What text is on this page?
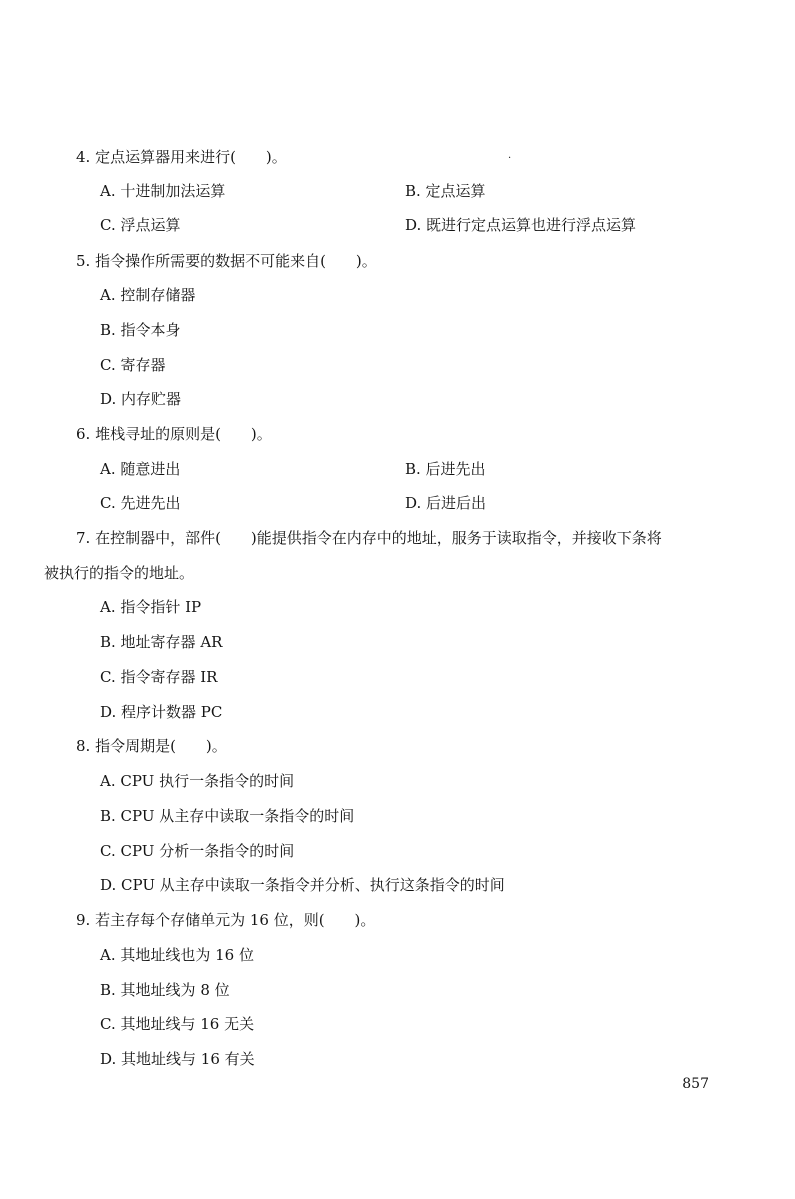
4. 定点运算器用来进行(　　)。	.
A. 十进制加法运算	B. 定点运算
C. 浮点运算	D. 既进行定点运算也进行浮点运算
5. 指令操作所需要的数据不可能来自(　　)。
A. 控制存储器
B. 指令本身
C. 寄存器
D. 内存贮器
6. 堆栈寻址的原则是(　　)。
A. 随意进出	B. 后进先出
C. 先进先出	D. 后进后出
7. 在控制器中，部件(　　)能提供指令在内存中的地址，服务于读取指令，并接收下条将
被执行的指令的地址。
A. 指令指针 IP
B. 地址寄存器 AR
C. 指令寄存器 IR
D. 程序计数器 PC
8. 指令周期是(　　)。
A. CPU 执行一条指令的时间
B. CPU 从主存中读取一条指令的时间
C. CPU 分析一条指令的时间
D. CPU 从主存中读取一条指令并分析、执行这条指令的时间
9. 若主存每个存储单元为 16 位，则(　　)。
A. 其地址线也为 16 位
B. 其地址线为 8 位
C. 其地址线与 16 无关
D. 其地址线与 16 有关
857
